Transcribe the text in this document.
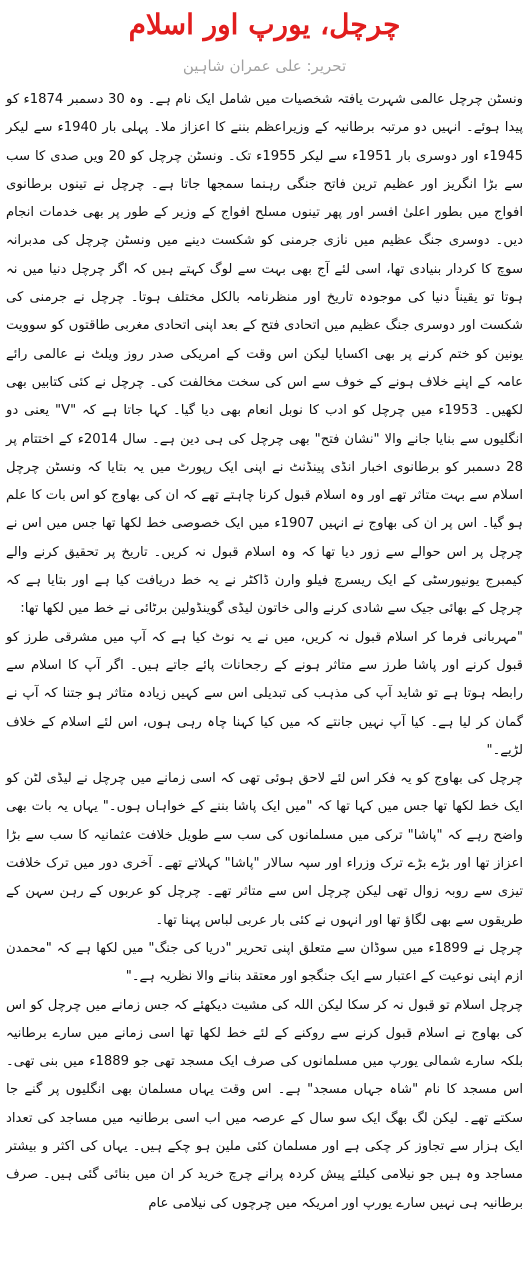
چرچل، یورپ اور اسلام
تحریر: علی عمران شاہین

ونسٹن چرچل عالمی شہرت یافتہ شخصیات میں شامل ایک نام ہے۔ وہ 30 دسمبر 1874ء کو پیدا ہوئے۔ انہیں دو مرتبہ برطانیہ کے وزیراعظم بننے کا اعزاز ملا۔ پہلی بار 1940ء سے لیکر 1945ء اور دوسری بار 1951ء سے لیکر 1955ء تک۔ ونسٹن چرچل کو 20 ویں صدی کا سب سے بڑا انگریز اور عظیم ترین فاتح جنگی رہنما سمجھا جاتا ہے۔ چرچل نے تینوں برطانوی افواج میں بطور اعلیٰ افسر اور پھر تینوں مسلح افواج کے وزیر کے طور پر بھی خدمات انجام دیں۔ دوسری جنگ عظیم میں نازی جرمنی کو شکست دینے میں ونسٹن چرچل کی مدبرانہ سوچ کا کردار بنیادی تھا، اسی لئے آج بھی بہت سے لوگ کہتے ہیں کہ اگر چرچل دنیا میں نہ ہوتا تو یقیناً دنیا کی موجودہ تاریخ اور منظرنامہ بالکل مختلف ہوتا۔ چرچل نے جرمنی کی شکست اور دوسری جنگ عظیم میں اتحادی فتح کے بعد اپنی اتحادی مغربی طاقتوں کو سوویت یونین کو ختم کرنے پر بھی اکسایا لیکن اس وقت کے امریکی صدر روز ویلٹ نے عالمی رائے عامہ کے اپنے خلاف ہونے کے خوف سے اس کی سخت مخالفت کی۔ چرچل نے کئی کتابیں بھی لکھیں۔ 1953ء میں چرچل کو ادب کا نوبل انعام بھی دیا گیا۔ کہا جاتا ہے کہ "V" یعنی دو انگلیوں سے بنایا جانے والا "نشان فتح" بھی چرچل کی ہی دین ہے۔ سال 2014ء کے اختتام پر 28 دسمبر کو برطانوی اخبار انڈی پینڈنٹ نے اپنی ایک رپورٹ میں یہ بتایا کہ ونسٹن چرچل اسلام سے بہت متاثر تھے اور وہ اسلام قبول کرنا چاہتے تھے کہ ان کی بھاوج کو اس بات کا علم ہو گیا۔ اس پر ان کی بھاوج نے انہیں 1907ء میں ایک خصوصی خط لکھا تھا جس میں اس نے چرچل پر اس حوالے سے زور دیا تھا کہ وہ اسلام قبول نہ کریں۔ تاریخ پر تحقیق کرنے والے کیمبرج یونیورسٹی کے ایک ریسرچ فیلو وارن ڈاکٹر نے یہ خط دریافت کیا ہے اور بتایا ہے کہ چرچل کے بھائی جیک سے شادی کرنے والی خاتون لیڈی گوینڈولین برٹائی نے خط میں لکھا تھا:

"مہربانی فرما کر اسلام قبول نہ کریں، میں نے یہ نوٹ کیا ہے کہ آپ میں مشرقی طرز کو قبول کرنے اور پاشا طرز سے متاثر ہونے کے رجحانات پائے جاتے ہیں۔ اگر آپ کا اسلام سے رابطہ ہوتا ہے تو شاید آپ کی مذہب کی تبدیلی اس سے کہیں زیادہ متاثر ہو جتنا کہ آپ نے گمان کر لیا ہے۔ کیا آپ نہیں جانتے کہ میں کیا کہنا چاہ رہی ہوں، اس لئے اسلام کے خلاف لڑیے۔"

چرچل کی بھاوج کو یہ فکر اس لئے لاحق ہوئی تھی کہ اسی زمانے میں چرچل نے لیڈی لٹن کو ایک خط لکھا تھا جس میں کہا تھا کہ "میں ایک پاشا بننے کے خواہاں ہوں۔" یہاں یہ بات بھی واضح رہے کہ "پاشا" ترکی میں مسلمانوں کی سب سے طویل خلافت عثمانیہ کا سب سے بڑا اعزاز تھا اور بڑے بڑے ترک وزراء اور سپہ سالار "پاشا" کہلاتے تھے۔ آخری دور میں ترک خلافت تیزی سے روبہ زوال تھی لیکن چرچل اس سے متاثر تھے۔ چرچل کو عربوں کے رہن سہن کے طریقوں سے بھی لگاؤ تھا اور انہوں نے کئی بار عربی لباس پہنا تھا۔

چرچل نے 1899ء میں سوڈان سے متعلق اپنی تحریر "دریا کی جنگ" میں لکھا ہے کہ "محمدن ازم اپنی نوعیت کے اعتبار سے ایک جنگجو اور معتقد بنانے والا نظریہ ہے۔"

چرچل اسلام تو قبول نہ کر سکا لیکن اللہ کی مشیت دیکھئے کہ جس زمانے میں چرچل کو اس کی بھاوج نے اسلام قبول کرنے سے روکنے کے لئے خط لکھا تھا اسی زمانے میں سارے برطانیہ بلکہ سارے شمالی یورپ میں مسلمانوں کی صرف ایک مسجد تھی جو 1889ء میں بنی تھی۔ اس مسجد کا نام "شاہ جہاں مسجد" ہے۔ اس وقت یہاں مسلمان بھی انگلیوں پر گنے جا سکتے تھے۔ لیکن لگ بھگ ایک سو سال کے عرصہ میں اب اسی برطانیہ میں مساجد کی تعداد ایک ہزار سے تجاوز کر چکی ہے اور مسلمان کئی ملین ہو چکے ہیں۔ یہاں کی اکثر و بیشتر مساجد وہ ہیں جو نیلامی کیلئے پیش کردہ پرانے چرچ خرید کر ان میں بنائی گئی ہیں۔ صرف برطانیہ ہی نہیں سارے یورپ اور امریکہ میں چرچوں کی نیلامی عام
